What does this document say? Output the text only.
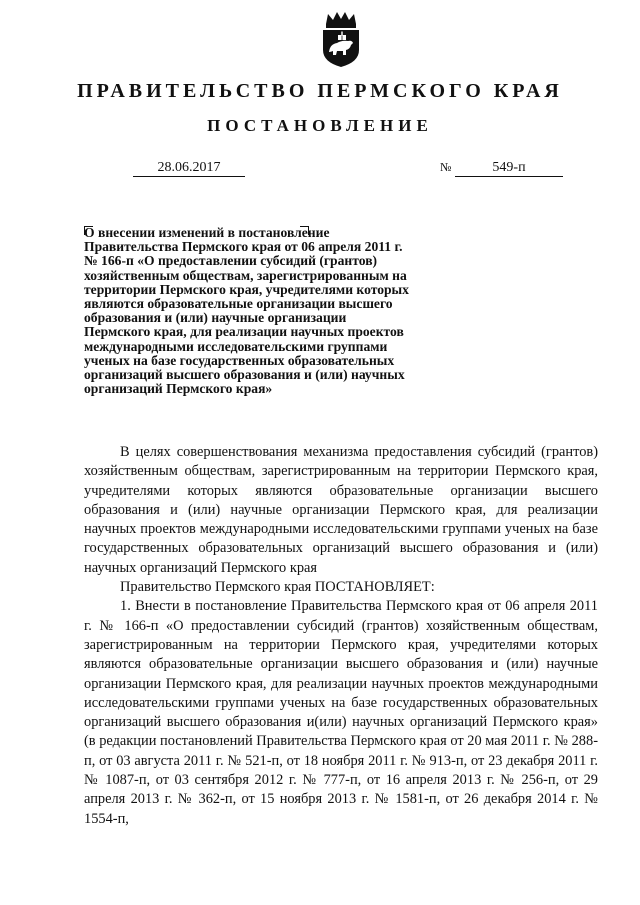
ПРАВИТЕЛЬСТВО ПЕРМСКОГО КРАЯ
ПОСТАНОВЛЕНИЕ
28.06.2017	№	549-п

О внесении изменений в постановление Правительства Пермского края от 06 апреля 2011 г. № 166-п «О предоставлении субсидий (грантов) хозяйственным обществам, зарегистрированным на территории Пермского края, учредителями которых являются образовательные организации высшего образования и (или) научные организации Пермского края, для реализации научных проектов международными исследовательскими группами ученых на базе государственных образовательных организаций высшего образования и (или) научных организаций Пермского края»

В целях совершенствования механизма предоставления субсидий (грантов) хозяйственным обществам, зарегистрированным на территории Пермского края, учредителями которых являются образовательные организации высшего образования и (или) научные организации Пермского края, для реализации научных проектов международными исследовательскими группами ученых на базе государственных образовательных организаций высшего образования и (или) научных организаций Пермского края

Правительство Пермского края ПОСТАНОВЛЯЕТ:

1. Внести в постановление Правительства Пермского края от 06 апреля 2011 г. № 166-п «О предоставлении субсидий (грантов) хозяйственным обществам, зарегистрированным на территории Пермского края, учредителями которых являются образовательные организации высшего образования и (или) научные организации Пермского края, для реализации научных проектов международными исследовательскими группами ученых на базе государственных образовательных организаций высшего образования и(или) научных организаций Пермского края» (в редакции постановлений Правительства Пермского края от 20 мая 2011 г. № 288-п, от 03 августа 2011 г. № 521-п, от 18 ноября 2011 г. № 913-п, от 23 декабря 2011 г. № 1087-п, от 03 сентября 2012 г. № 777-п, от 16 апреля 2013 г. № 256-п, от 29 апреля 2013 г. № 362-п, от 15 ноября 2013 г. № 1581-п, от 26 декабря 2014 г. № 1554-п,
